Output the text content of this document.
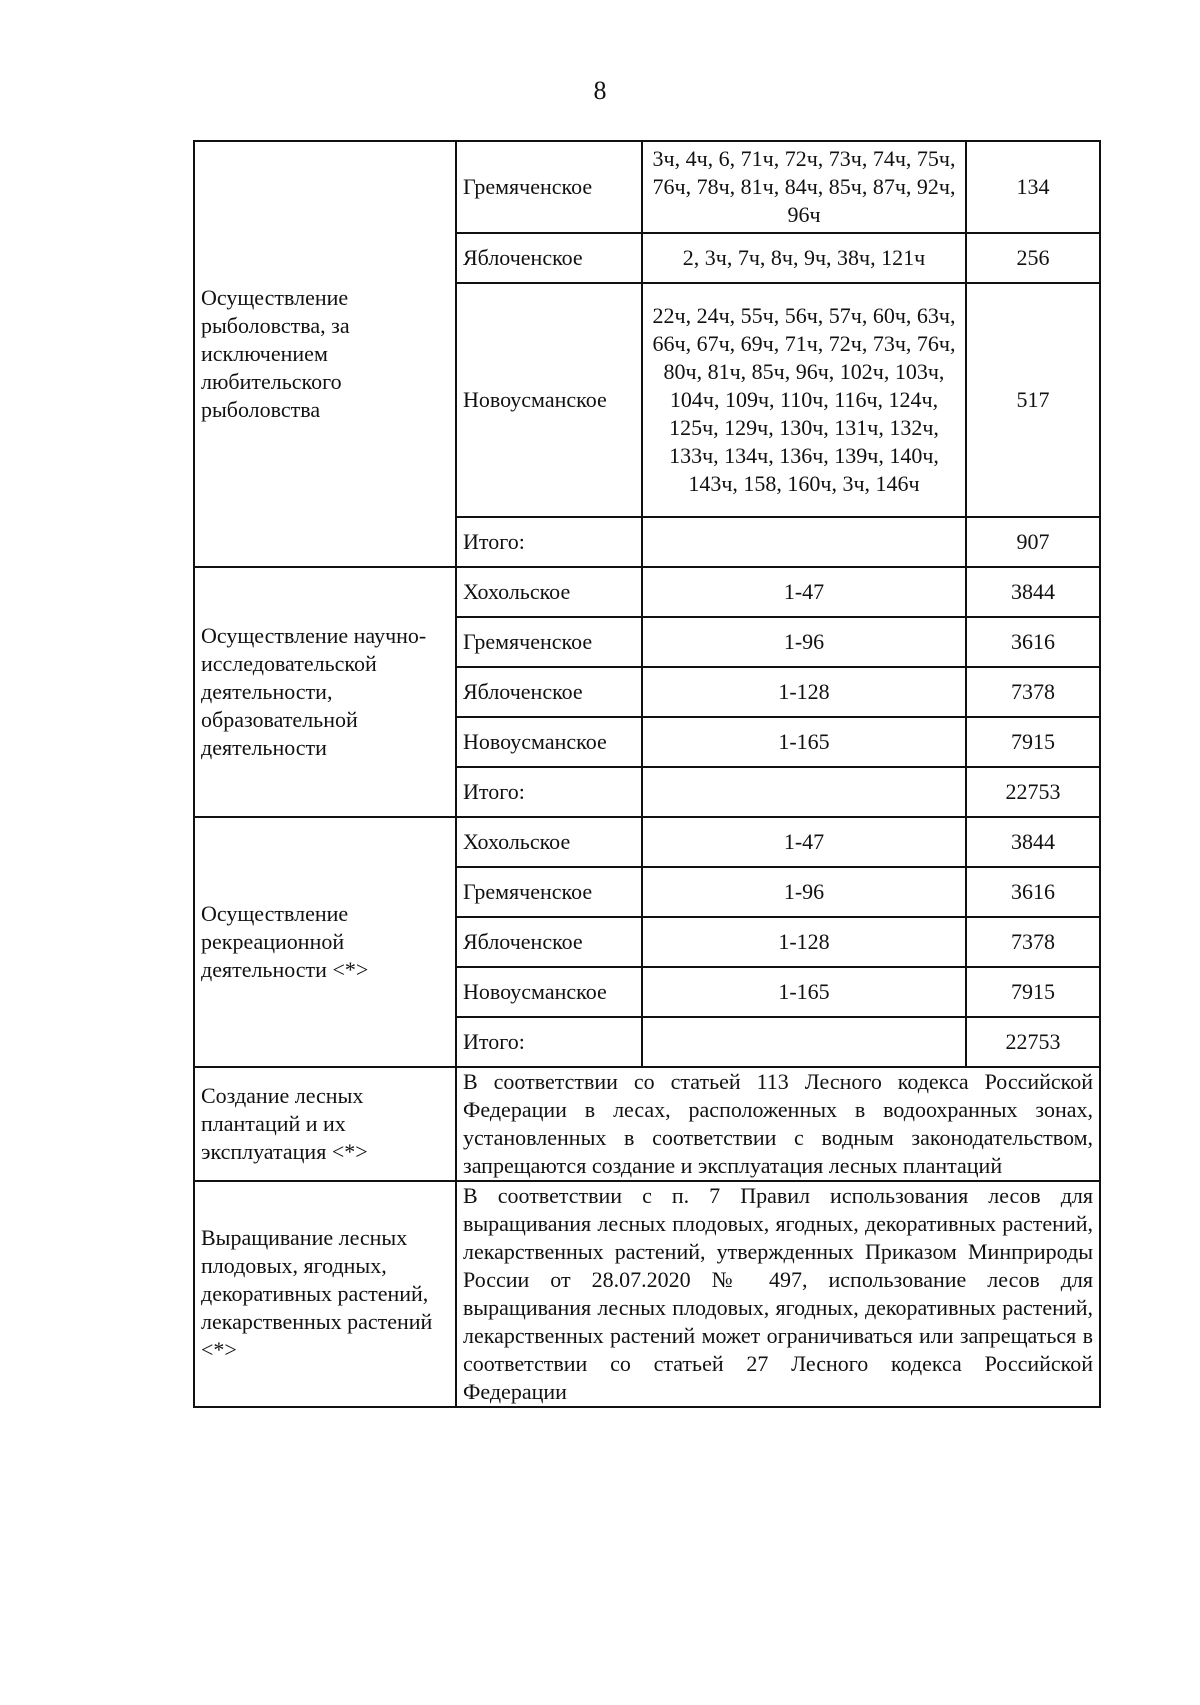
8
Осуществление рыболовства, за исключением любительского рыболовства	Гремяченское	3ч, 4ч, 6, 71ч, 72ч, 73ч, 74ч, 75ч, 76ч, 78ч, 81ч, 84ч, 85ч, 87ч, 92ч, 96ч	134
	Яблоченское	2, 3ч, 7ч, 8ч, 9ч, 38ч, 121ч	256
	Новоусманское	22ч, 24ч, 55ч, 56ч, 57ч, 60ч, 63ч, 66ч, 67ч, 69ч, 71ч, 72ч, 73ч, 76ч, 80ч, 81ч, 85ч, 96ч, 102ч, 103ч, 104ч, 109ч, 110ч, 116ч, 124ч, 125ч, 129ч, 130ч, 131ч, 132ч, 133ч, 134ч, 136ч, 139ч, 140ч, 143ч, 158, 160ч, 3ч, 146ч	517
	Итого:		907
Осуществление научно-исследовательской деятельности, образовательной деятельности	Хохольское	1-47	3844
	Гремяченское	1-96	3616
	Яблоченское	1-128	7378
	Новоусманское	1-165	7915
	Итого:		22753
Осуществление рекреационной деятельности <*>	Хохольское	1-47	3844
	Гремяченское	1-96	3616
	Яблоченское	1-128	7378
	Новоусманское	1-165	7915
	Итого:		22753
Создание лесных плантаций и их эксплуатация <*>	В соответствии со статьей 113 Лесного кодекса Российской Федерации в лесах, расположенных в водоохранных зонах, установленных в соответствии с водным законодательством, запрещаются создание и эксплуатация лесных плантаций		
Выращивание лесных плодовых, ягодных, декоративных растений, лекарственных растений <*>	В соответствии с п. 7 Правил использования лесов для выращивания лесных плодовых, ягодных, декоративных растений, лекарственных растений, утвержденных Приказом Минприроды России от 28.07.2020 № 497, использование лесов для выращивания лесных плодовых, ягодных, декоративных растений, лекарственных растений может ограничиваться или запрещаться в соответствии со статьей 27 Лесного кодекса Российской Федерации		
